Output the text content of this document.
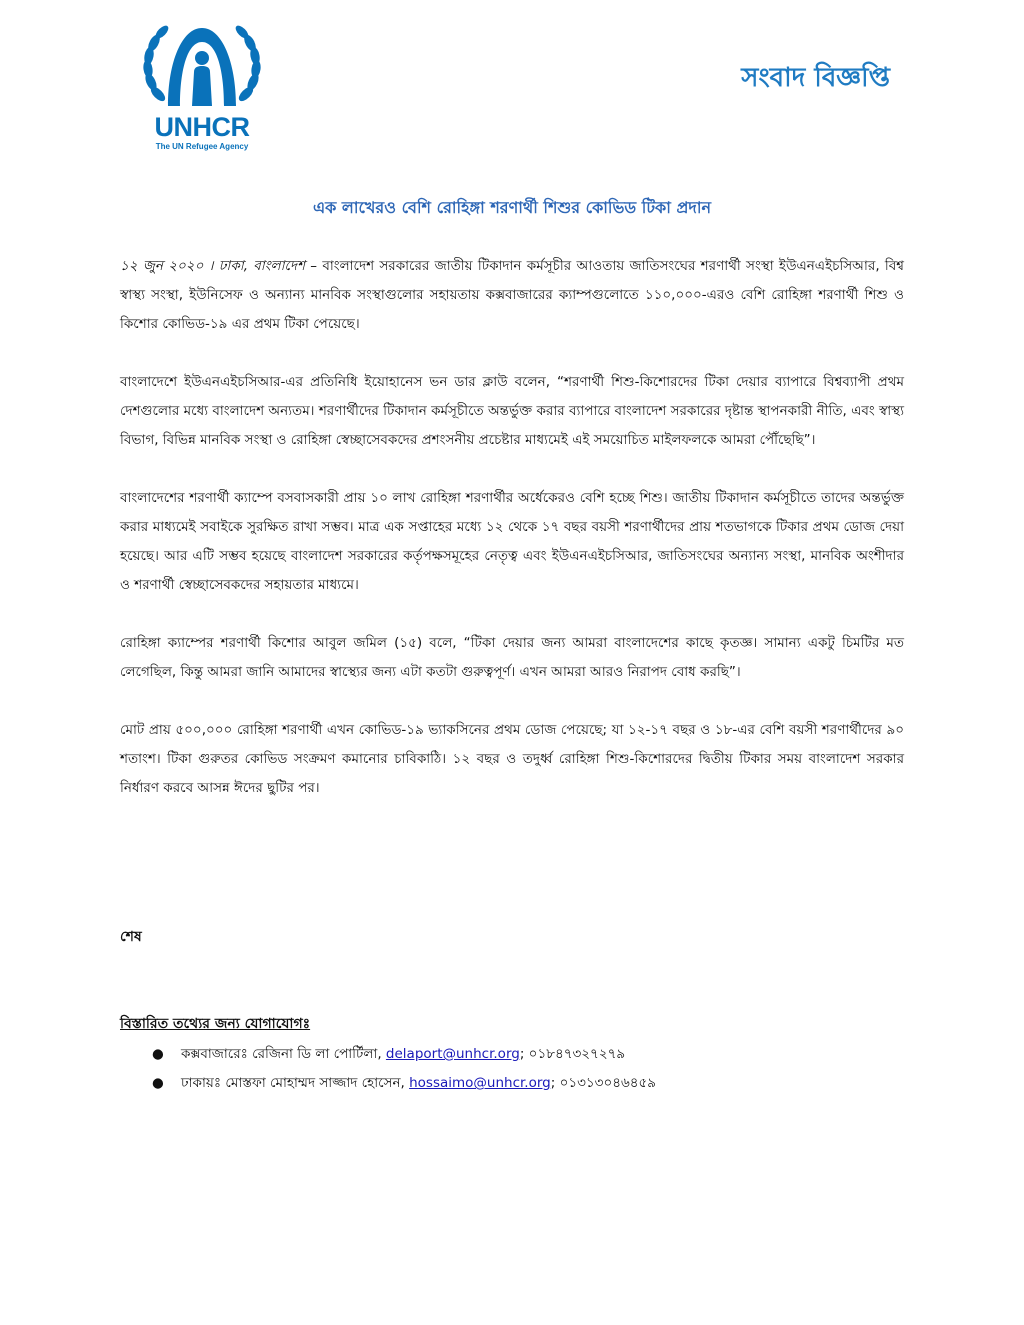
UNHCR
The UN Refugee Agency
সংবাদ বিজ্ঞপ্তি
এক লাখেরও বেশি রোহিঙ্গা শরণার্থী শিশুর কোভিড টিকা প্রদান

১২ জুন ২০২০ । ঢাকা, বাংলাদেশ – বাংলাদেশ সরকারের জাতীয় টিকাদান কর্মসূচীর আওতায় জাতিসংঘের শরণার্থী সংস্থা ইউএনএইচসিআর, বিশ্ব স্বাস্থ্য সংস্থা, ইউনিসেফ ও অন্যান্য মানবিক সংস্থাগুলোর সহায়তায় কক্সবাজারের ক্যাম্পগুলোতে ১১০,০০০-এরও বেশি রোহিঙ্গা শরণার্থী শিশু ও কিশোর কোভিড-১৯ এর প্রথম টিকা পেয়েছে।

বাংলাদেশে ইউএনএইচসিআর-এর প্রতিনিধি ইয়োহানেস ভন ডার ক্লাউ বলেন, “শরণার্থী শিশু-কিশোরদের টিকা দেয়ার ব্যাপারে বিশ্বব্যাপী প্রথম দেশগুলোর মধ্যে বাংলাদেশ অন্যতম। শরণার্থীদের টিকাদান কর্মসূচীতে অন্তর্ভুক্ত করার ব্যাপারে বাংলাদেশ সরকারের দৃষ্টান্ত স্থাপনকারী নীতি, এবং স্বাস্থ্য বিভাগ, বিভিন্ন মানবিক সংস্থা ও রোহিঙ্গা স্বেচ্ছাসেবকদের প্রশংসনীয় প্রচেষ্টার মাধ্যমেই এই সময়োচিত মাইলফলকে আমরা পৌঁছেছি”।

বাংলাদেশের শরণার্থী ক্যাম্পে বসবাসকারী প্রায় ১০ লাখ রোহিঙ্গা শরণার্থীর অর্ধেকেরও বেশি হচ্ছে শিশু। জাতীয় টিকাদান কর্মসূচীতে তাদের অন্তর্ভুক্ত করার মাধ্যমেই সবাইকে সুরক্ষিত রাখা সম্ভব। মাত্র এক সপ্তাহের মধ্যে ১২ থেকে ১৭ বছর বয়সী শরণার্থীদের প্রায় শতভাগকে টিকার প্রথম ডোজ দেয়া হয়েছে। আর এটি সম্ভব হয়েছে বাংলাদেশ সরকারের কর্তৃপক্ষসমূহের নেতৃত্ব এবং ইউএনএইচসিআর, জাতিসংঘের অন্যান্য সংস্থা, মানবিক অংশীদার ও শরণার্থী স্বেচ্ছাসেবকদের সহায়তার মাধ্যমে।

রোহিঙ্গা ক্যাম্পের শরণার্থী কিশোর আবুল জমিল (১৫) বলে, “টিকা দেয়ার জন্য আমরা বাংলাদেশের কাছে কৃতজ্ঞ। সামান্য একটু চিমটির মত লেগেছিল, কিন্তু আমরা জানি আমাদের স্বাস্থ্যের জন্য এটা কতটা গুরুত্বপূর্ণ। এখন আমরা আরও নিরাপদ বোধ করছি”।

মোট প্রায় ৫০০,০০০ রোহিঙ্গা শরণার্থী এখন কোভিড-১৯ ভ্যাকসিনের প্রথম ডোজ পেয়েছে; যা ১২-১৭ বছর ও ১৮-এর বেশি বয়সী শরণার্থীদের ৯০ শতাংশ। টিকা গুরুতর কোভিড সংক্রমণ কমানোর চাবিকাঠি। ১২ বছর ও তদুর্ধ্ব রোহিঙ্গা শিশু-কিশোরদের দ্বিতীয় টিকার সময় বাংলাদেশ সরকার নির্ধারণ করবে আসন্ন ঈদের ছুটির পর।

শেষ
বিস্তারিত তথ্যের জন্য যোগাযোগঃ
● কক্সবাজারেঃ রেজিনা ডি লা পোর্টিলা, delaport@unhcr.org; ০১৮৪৭৩২৭২৭৯
● ঢাকায়ঃ মোস্তফা মোহাম্মদ সাজ্জাদ হোসেন, hossaimo@unhcr.org; ০১৩১৩০৪৬৪৫৯
